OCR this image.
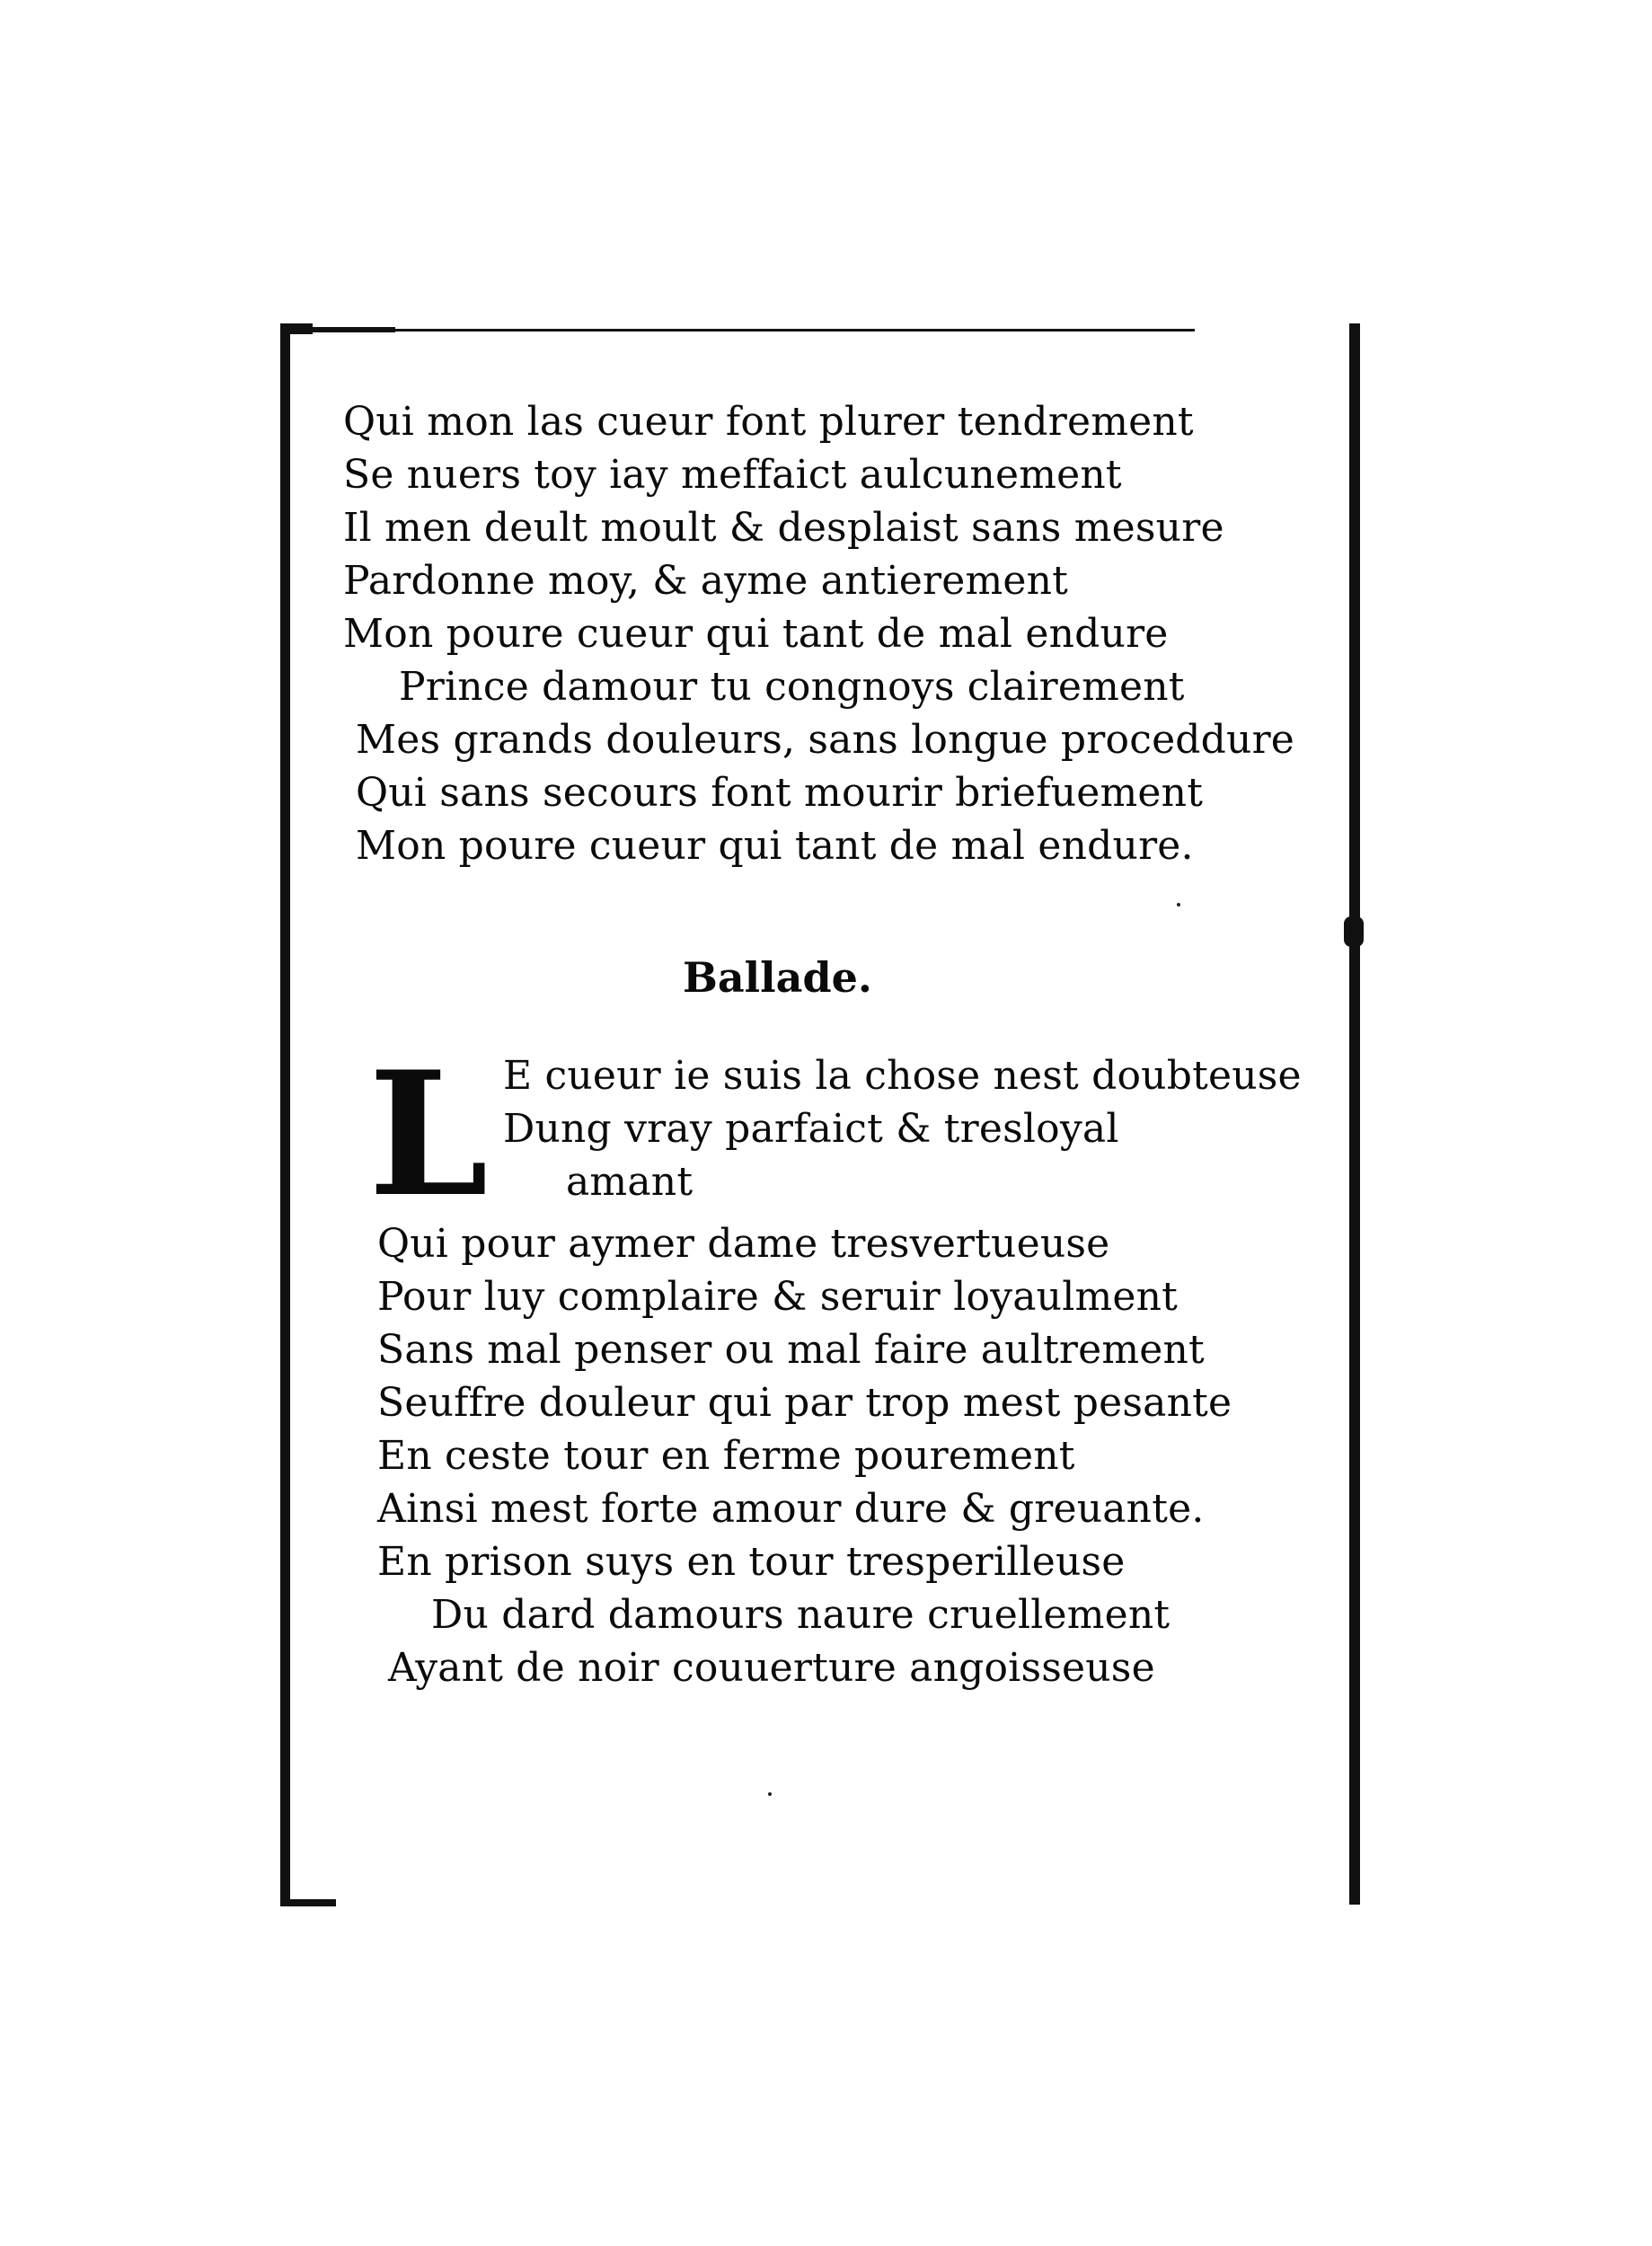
Qui mon las cueur font plurer tendrement
Se nuers toy iay meffaict aulcunement
Il men deult moult & desplaist sans mesure
Pardonne moy, & ayme antierement
Mon poure cueur qui tant de mal endure
Prince damour tu congnoys clairement
Mes grands douleurs, sans longue proceddure
Qui sans secours font mourir briefuement
Mon poure cueur qui tant de mal endure.
Ballade.
L E cueur ie suis la chose nest doubteuse
Dung vray parfaict & tresloyal
amant
Qui pour aymer dame tresvertueuse
Pour luy complaire & seruir loyaulment
Sans mal penser ou mal faire aultrement
Seuffre douleur qui par trop mest pesante
En ceste tour en ferme pourement
Ainsi mest forte amour dure & greuante.
En prison suys en tour tresperilleuse
Du dard damours naure cruellement
Ayant de noir couuerture angoisseuse
